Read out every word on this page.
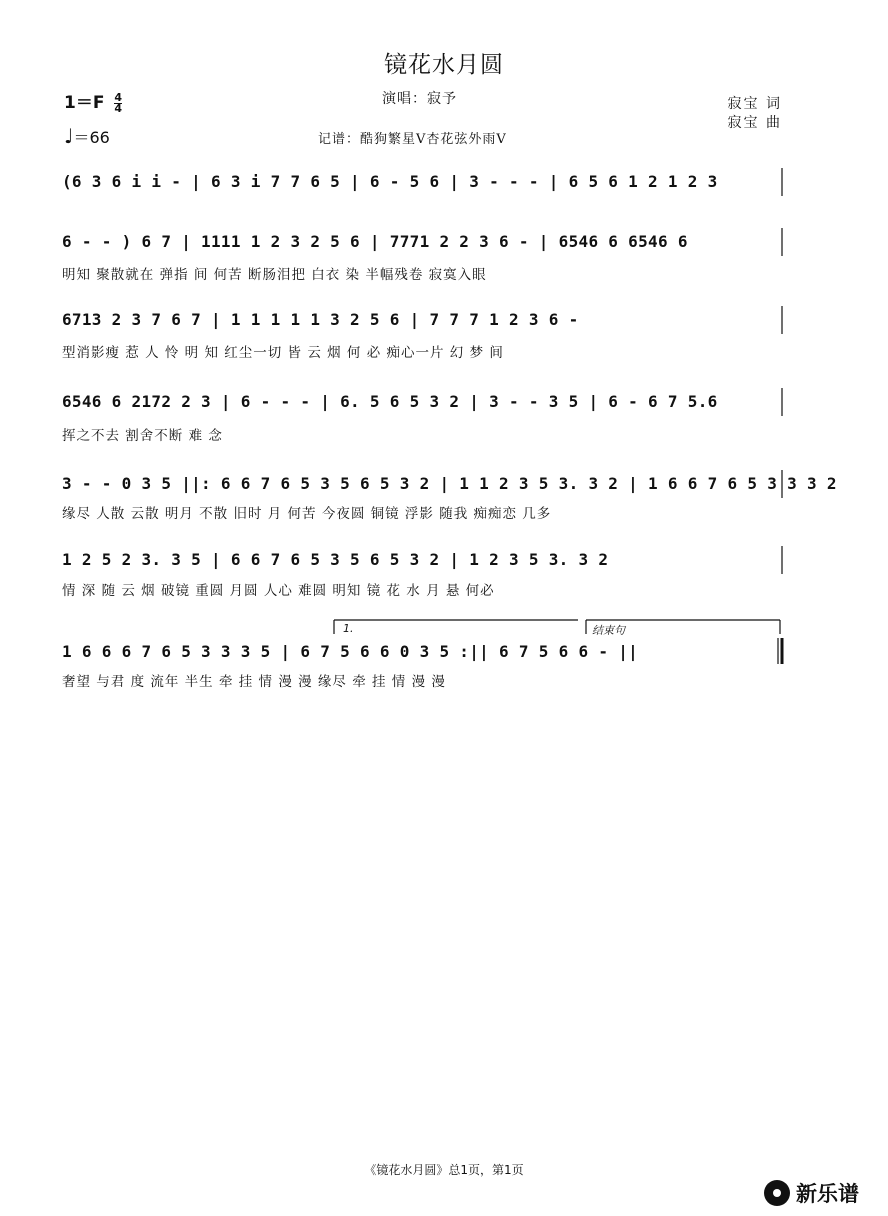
镜花水月圆
$1=F \frac{4}{4}$
♩＝66
演唱：寂予
记谱：酷狗繁星V杏花弦外雨V
寂宝 词
寂宝 曲
(6 3 6 i i - | 6 3 i 7 7 6 5 | 6 - 5 6 | 3 - - - | 6 5 6 1 2 1 2 3
6 - - ) 6 7 | 1111 1 2 3 2 5 6 | 7771 2 2 3 6 - | 6546 6 6546 6
明知 聚散就在 弹指 间 何苦 断肠泪把 白衣 染 半幅残卷 寂寞入眼
6713 2 3 7 6 7 | 1 1 1 1 1 3 2 5 6 | 7 7 7 1 2 3 6 -
型消影瘦 惹 人 怜 明 知 红尘一切 皆 云 烟 何 必 痴心一片 幻 梦 间
6546 6 2172 2 3 | 6 - - - | 6. 5 6 5 3 2 | 3 - - 3 5 | 6 - 6 7 5.6
挥之不去 割舍不断 难 念
3 - - 0 3 5 ||: 6 6 7 6 5 3 5 6 5 3 2 | 1 1 2 3 5 3. 3 2 | 1 6 6 7 6 5 3 3 3 2
缘尽 人散 云散 明月 不散 旧时 月 何苦 今夜圆 铜镜 浮影 随我 痴痴恋 几多
1 2 5 2 3. 3 5 | 6 6 7 6 5 3 5 6 5 3 2 | 1 2 3 5 3. 3 2
情 深 随 云 烟 破镜 重圆 月圆 人心 难圆 明知 镜 花 水 月 悬 何必
1.	结束句
1 6 6 6 7 6 5 3 3 3 5 | 6 7 5 6 6 0 3 5 :|| 6 7 5 6 6 - ||
奢望 与君 度 流年 半生 牵 挂 情 漫 漫 缘尽 牵 挂 情 漫 漫
《镜花水月圆》总1页，第1页
新乐谱
